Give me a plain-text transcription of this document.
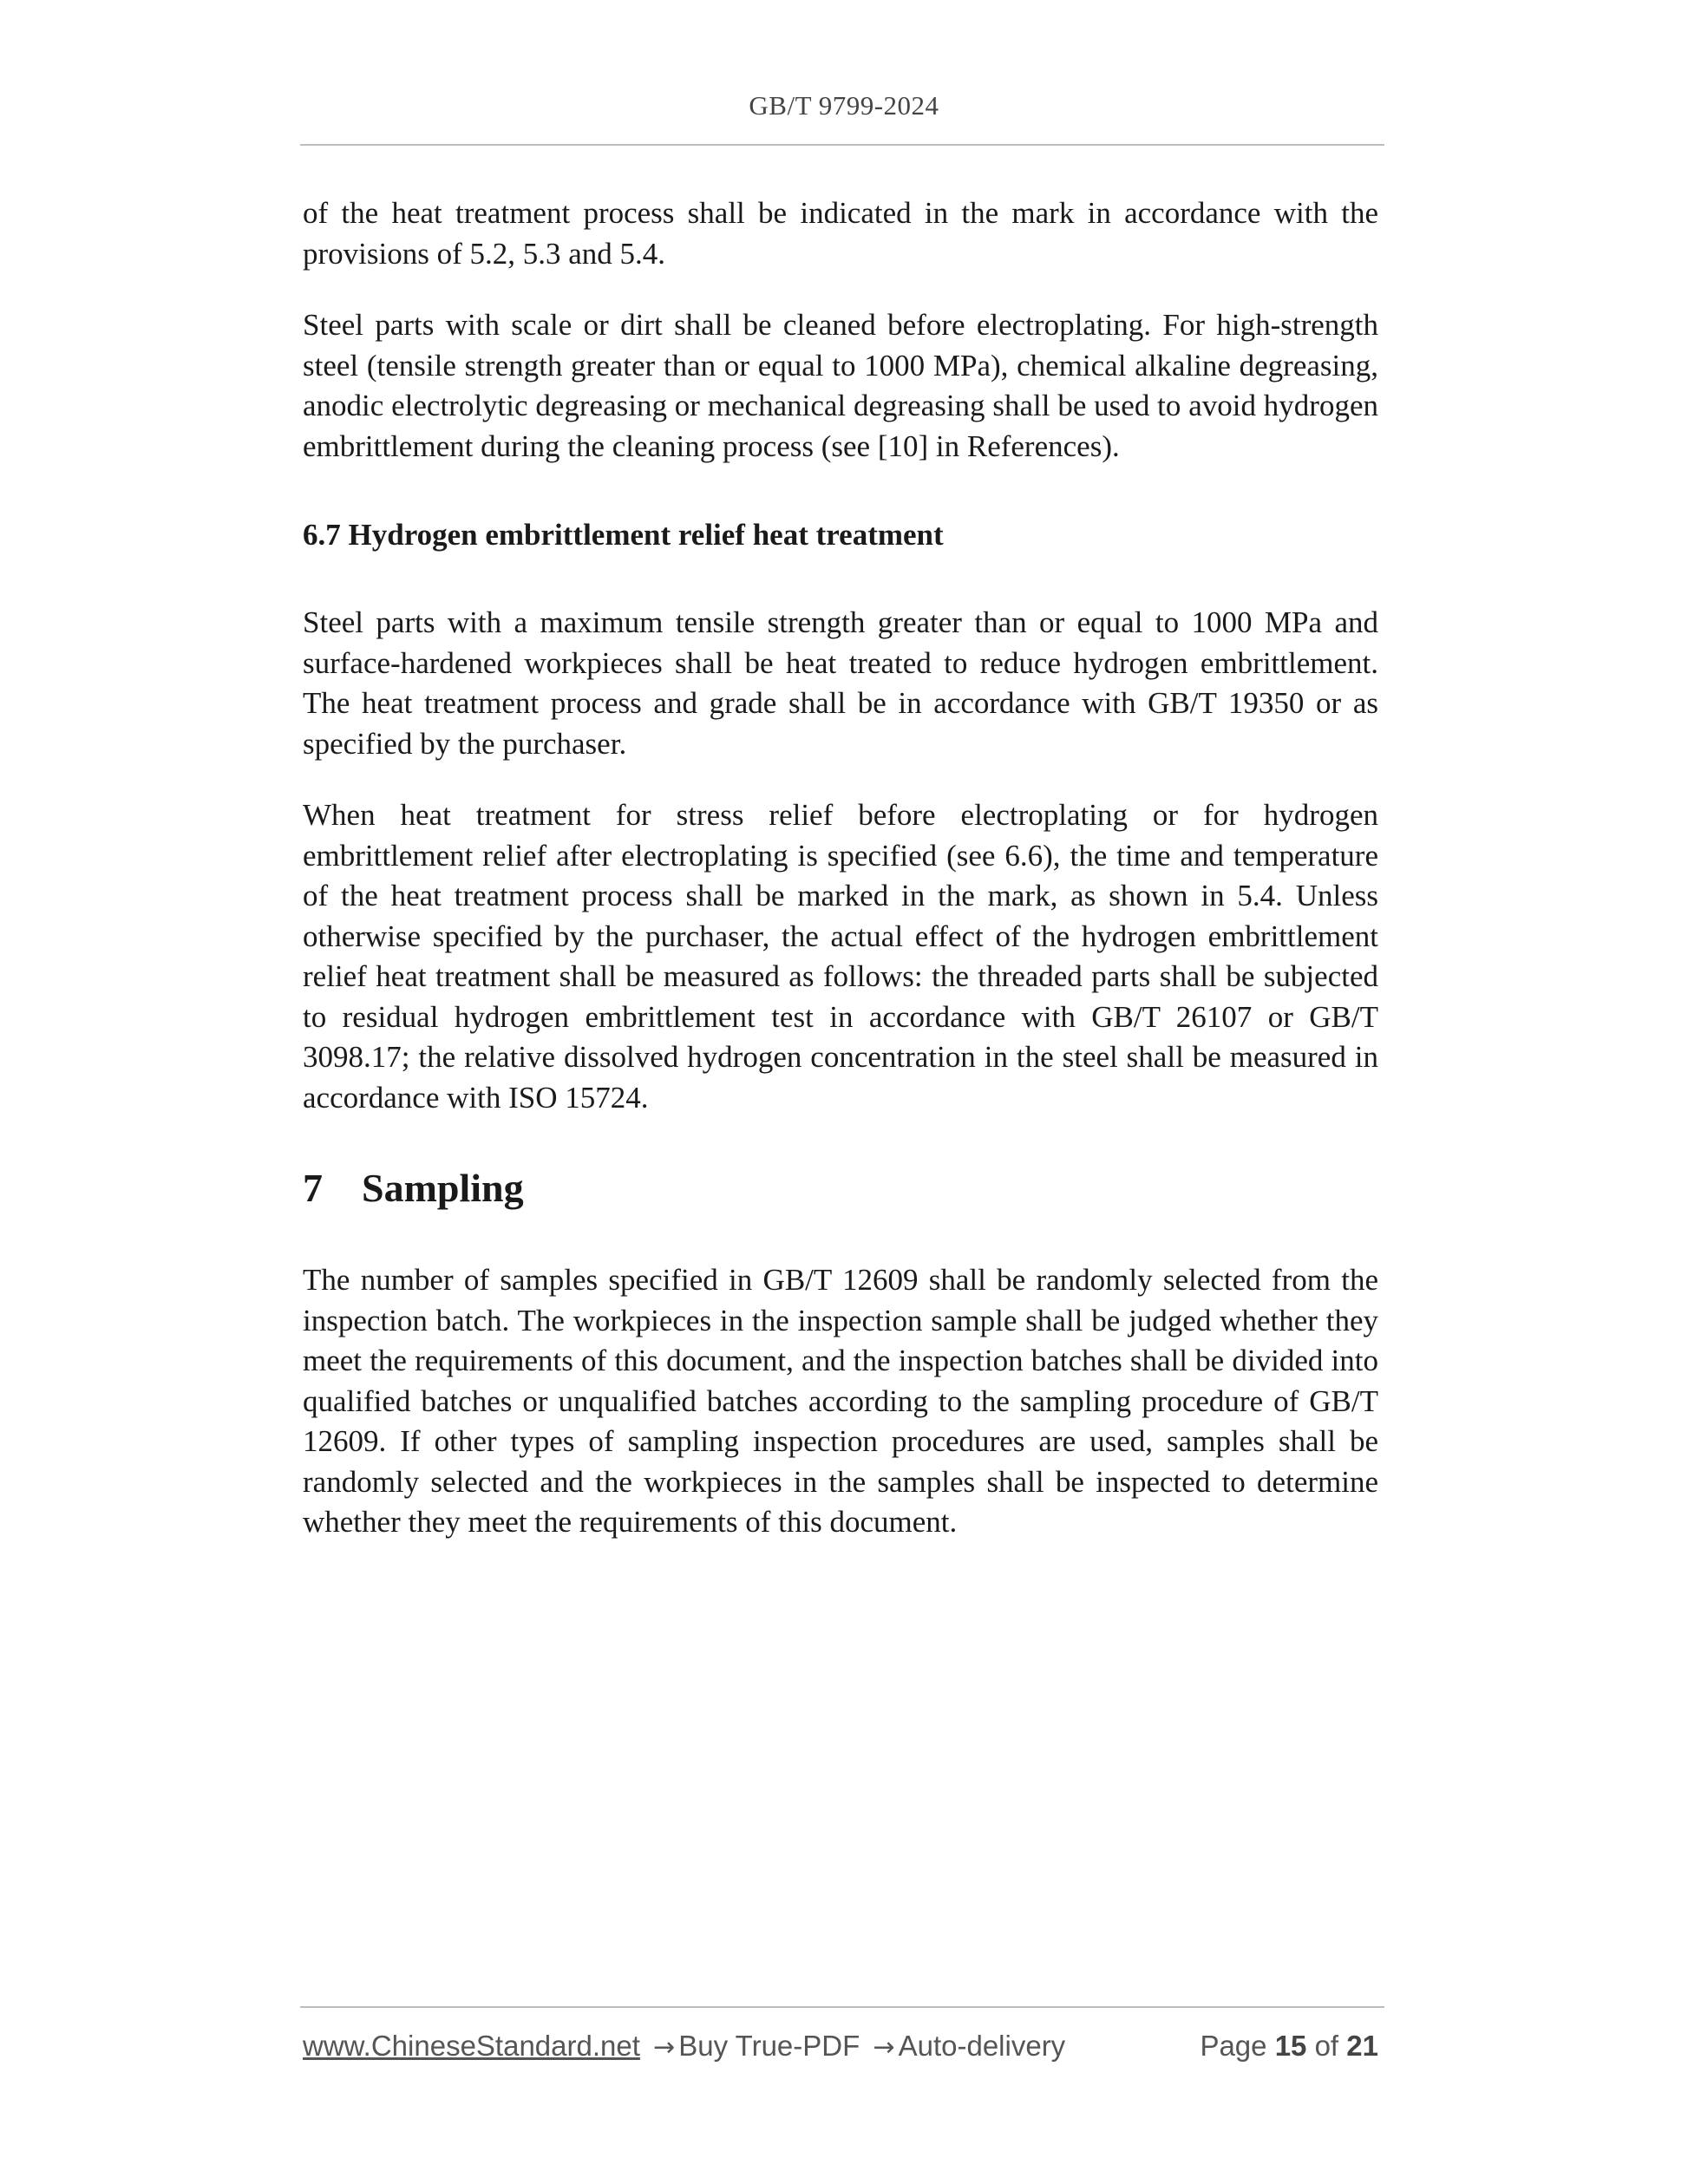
GB/T 9799-2024

of the heat treatment process shall be indicated in the mark in accordance with the provisions of 5.2, 5.3 and 5.4.

Steel parts with scale or dirt shall be cleaned before electroplating. For high-strength steel (tensile strength greater than or equal to 1000 MPa), chemical alkaline degreasing, anodic electrolytic degreasing or mechanical degreasing shall be used to avoid hydrogen embrittlement during the cleaning process (see [10] in References).

6.7 Hydrogen embrittlement relief heat treatment

Steel parts with a maximum tensile strength greater than or equal to 1000 MPa and surface-hardened workpieces shall be heat treated to reduce hydrogen embrittlement. The heat treatment process and grade shall be in accordance with GB/T 19350 or as specified by the purchaser.

When heat treatment for stress relief before electroplating or for hydrogen embrittlement relief after electroplating is specified (see 6.6), the time and temperature of the heat treatment process shall be marked in the mark, as shown in 5.4. Unless otherwise specified by the purchaser, the actual effect of the hydrogen embrittlement relief heat treatment shall be measured as follows: the threaded parts shall be subjected to residual hydrogen embrittlement test in accordance with GB/T 26107 or GB/T 3098.17; the relative dissolved hydrogen concentration in the steel shall be measured in accordance with ISO 15724.

7 Sampling

The number of samples specified in GB/T 12609 shall be randomly selected from the inspection batch. The workpieces in the inspection sample shall be judged whether they meet the requirements of this document, and the inspection batches shall be divided into qualified batches or unqualified batches according to the sampling procedure of GB/T 12609. If other types of sampling inspection procedures are used, samples shall be randomly selected and the workpieces in the samples shall be inspected to determine whether they meet the requirements of this document.

www.ChineseStandard.net → Buy True-PDF → Auto-delivery	Page 15 of 21
